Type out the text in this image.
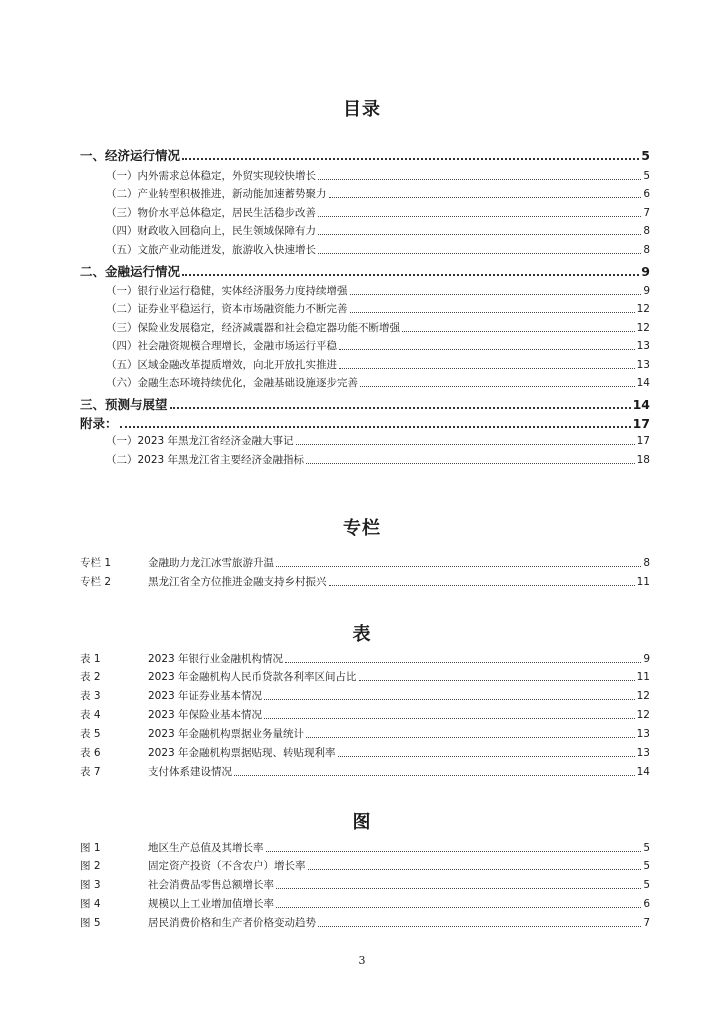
目录
一、经济运行情况	5
（一）内外需求总体稳定，外贸实现较快增长	5
（二）产业转型积极推进，新动能加速蓄势聚力	6
（三）物价水平总体稳定，居民生活稳步改善	7
（四）财政收入回稳向上，民生领域保障有力	8
（五）文旅产业动能迸发，旅游收入快速增长	8
二、金融运行情况	9
（一）银行业运行稳健，实体经济服务力度持续增强	9
（二）证券业平稳运行，资本市场融资能力不断完善	12
（三）保险业发展稳定，经济减震器和社会稳定器功能不断增强	12
（四）社会融资规模合理增长，金融市场运行平稳	13
（五）区域金融改革提质增效，向北开放扎实推进	13
（六）金融生态环境持续优化，金融基础设施逐步完善	14
三、预测与展望	14
附录：	17
（一）2023 年黑龙江省经济金融大事记	17
（二）2023 年黑龙江省主要经济金融指标	18
专栏
专栏 1	金融助力龙江冰雪旅游升温	8
专栏 2	黑龙江省全方位推进金融支持乡村振兴	11
表
表 1	2023 年银行业金融机构情况	9
表 2	2023 年金融机构人民币贷款各利率区间占比	11
表 3	2023 年证券业基本情况	12
表 4	2023 年保险业基本情况	12
表 5	2023 年金融机构票据业务量统计	13
表 6	2023 年金融机构票据贴现、转贴现利率	13
表 7	支付体系建设情况	14
图
图 1	地区生产总值及其增长率	5
图 2	固定资产投资（不含农户）增长率	5
图 3	社会消费品零售总额增长率	5
图 4	规模以上工业增加值增长率	6
图 5	居民消费价格和生产者价格变动趋势	7
3
